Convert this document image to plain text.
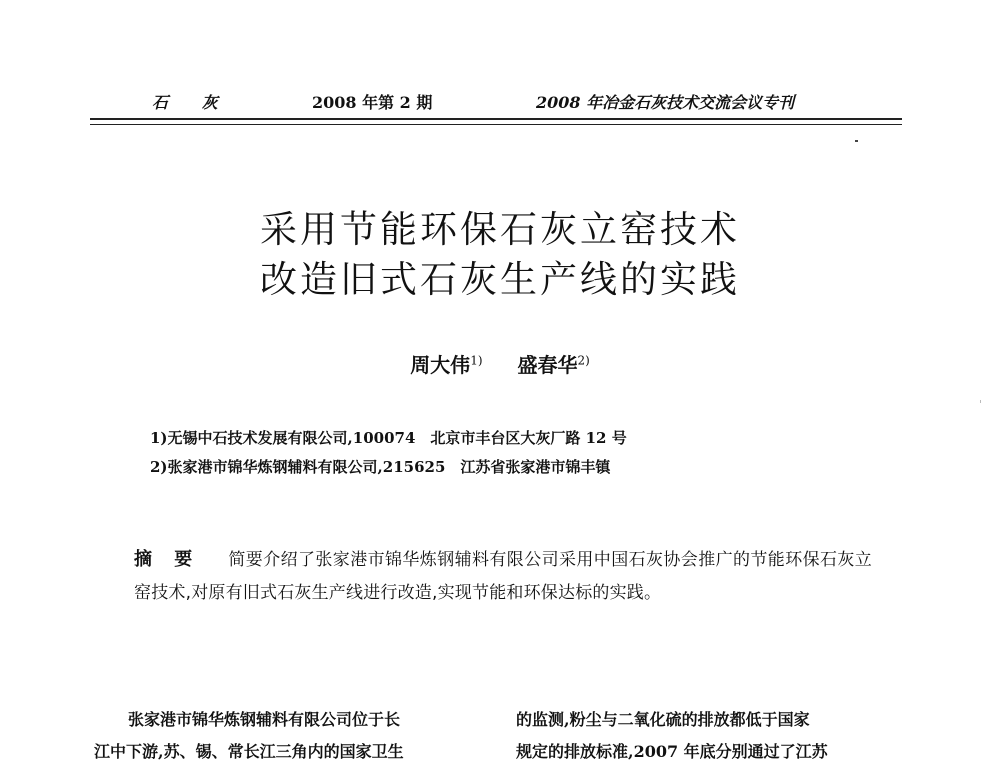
石 灰	2008 年第 2 期	2008 年冶金石灰技术交流会议专刊
采用节能环保石灰立窑技术
改造旧式石灰生产线的实践
周大伟$^{1)}$ 盛春华$^{2)}$
1)无锡中石技术发展有限公司,100074　北京市丰台区大灰厂路 12 号
2)张家港市锦华炼钢辅料有限公司,215625　江苏省张家港市锦丰镇
摘要 简要介绍了张家港市锦华炼钢辅料有限公司采用中国石灰协会推广的节能环保石灰立窑技术,对原有旧式石灰生产线进行改造,实现节能和环保达标的实践。
张家港市锦华炼钢辅料有限公司位于长
江中下游,苏、锡、常长江三角内的国家卫生
的监测,粉尘与二氧化硫的排放都低于国家
规定的排放标准,2007 年底分别通过了江苏
